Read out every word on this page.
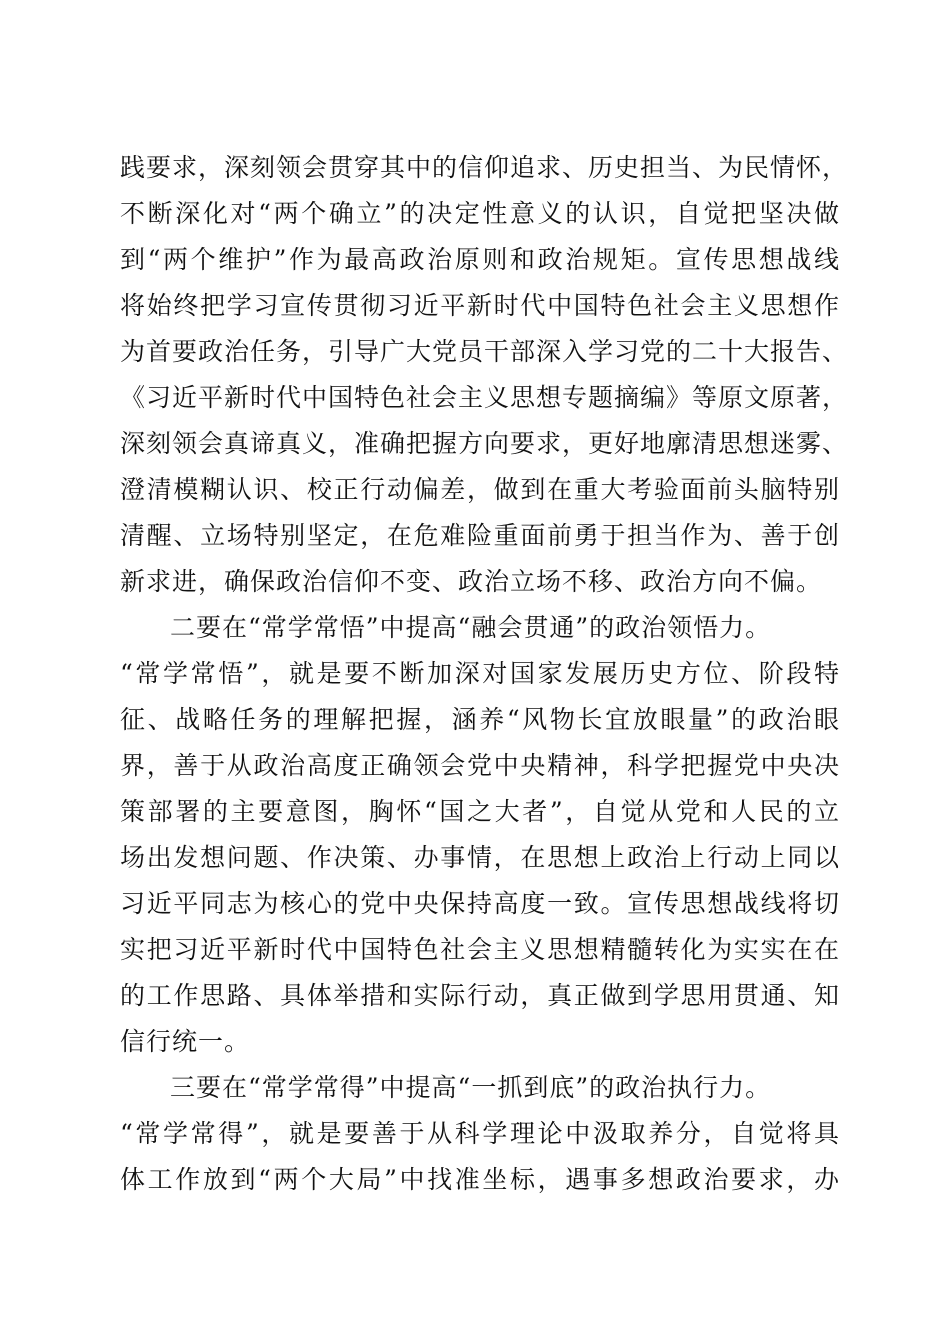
践要求，深刻领会贯穿其中的信仰追求、历史担当、为民情怀，
不断深化对“两个确立”的决定性意义的认识，自觉把坚决做
到“两个维护”作为最高政治原则和政治规矩。宣传思想战线
将始终把学习宣传贯彻习近平新时代中国特色社会主义思想作
为首要政治任务，引导广大党员干部深入学习党的二十大报告、
《习近平新时代中国特色社会主义思想专题摘编》等原文原著，
深刻领会真谛真义，准确把握方向要求，更好地廓清思想迷雾、
澄清模糊认识、校正行动偏差，做到在重大考验面前头脑特别
清醒、立场特别坚定，在危难险重面前勇于担当作为、善于创
新求进，确保政治信仰不变、政治立场不移、政治方向不偏。
二要在“常学常悟”中提高“融会贯通”的政治领悟力。
“常学常悟”，就是要不断加深对国家发展历史方位、阶段特
征、战略任务的理解把握，涵养“风物长宜放眼量”的政治眼
界，善于从政治高度正确领会党中央精神，科学把握党中央决
策部署的主要意图，胸怀“国之大者”，自觉从党和人民的立
场出发想问题、作决策、办事情，在思想上政治上行动上同以
习近平同志为核心的党中央保持高度一致。宣传思想战线将切
实把习近平新时代中国特色社会主义思想精髓转化为实实在在
的工作思路、具体举措和实际行动，真正做到学思用贯通、知
信行统一。
三要在“常学常得”中提高“一抓到底”的政治执行力。
“常学常得”，就是要善于从科学理论中汲取养分，自觉将具
体工作放到“两个大局”中找准坐标，遇事多想政治要求，办
